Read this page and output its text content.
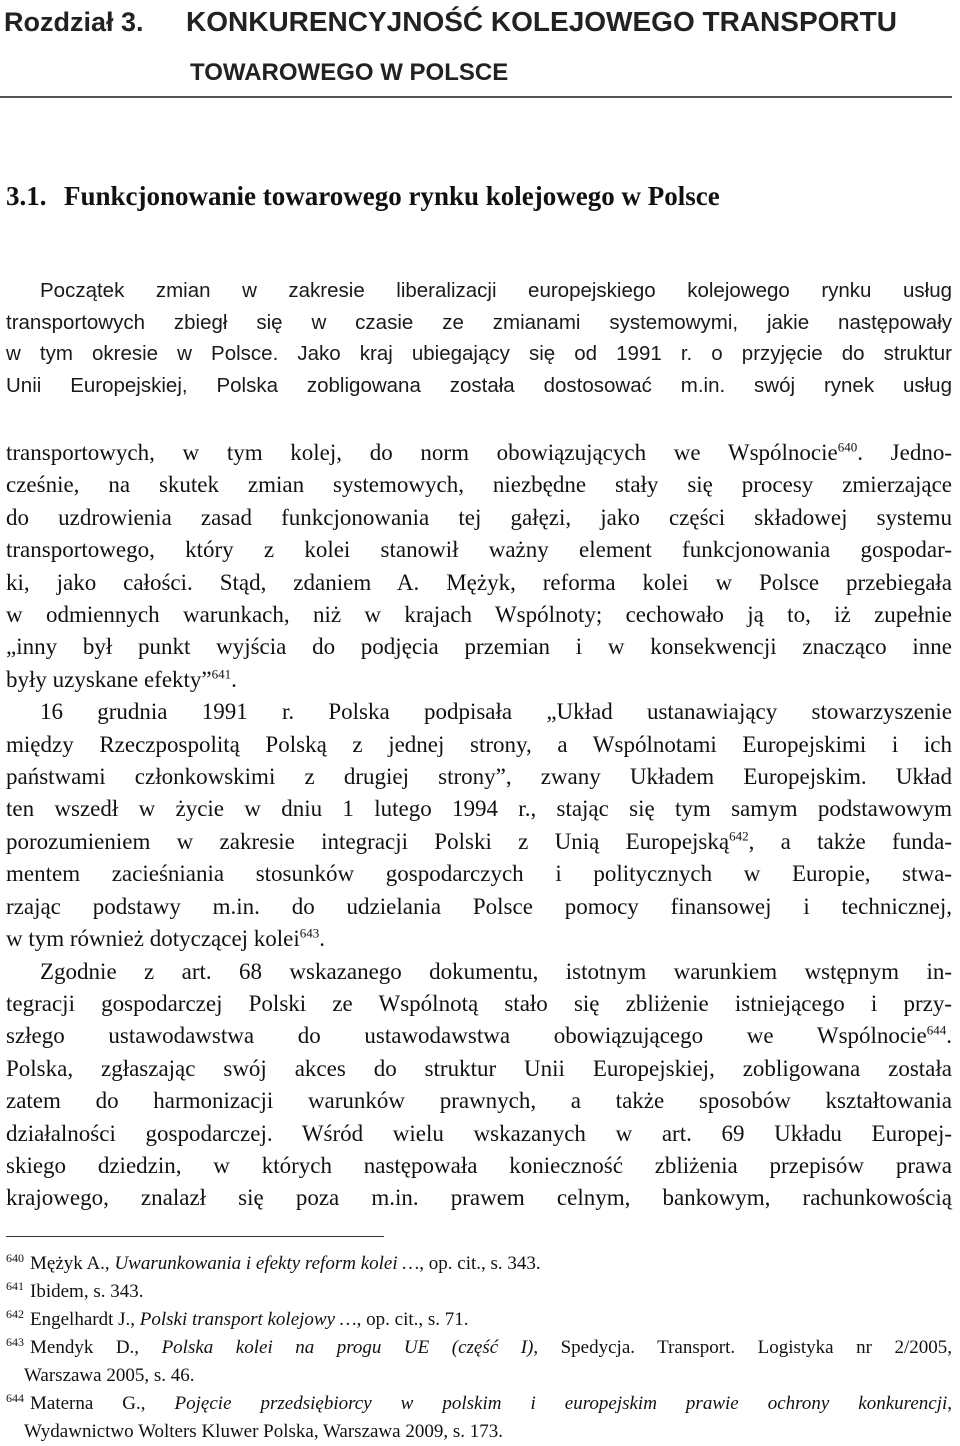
Rozdział 3. KONKURENCYJNOŚĆ KOLEJOWEGO TRANSPORTU
TOWAROWEGO W POLSCE
3.1. Funkcjonowanie towarowego rynku kolejowego w Polsce
Początek zmian w zakresie liberalizacji europejskiego kolejowego rynku usług
transportowych zbiegł się w czasie ze zmianami systemowymi, jakie następowały
w tym okresie w Polsce. Jako kraj ubiegający się od 1991 r. o przyjęcie do struktur
Unii Europejskiej, Polska zobligowana została dostosować m.in. swój rynek usług
transportowych, w tym kolej, do norm obowiązujących we Wspólnocie$^{640}$. Jedno-
cześnie, na skutek zmian systemowych, niezbędne stały się procesy zmierzające
do uzdrowienia zasad funkcjonowania tej gałęzi, jako części składowej systemu
transportowego, który z kolei stanowił ważny element funkcjonowania gospodar-
ki, jako całości. Stąd, zdaniem A. Mężyk, reforma kolei w Polsce przebiegała
w odmiennych warunkach, niż w krajach Wspólnoty; cechowało ją to, iż zupełnie
„inny był punkt wyjścia do podjęcia przemian i w konsekwencji znacząco inne
były uzyskane efekty”$^{641}$.
16 grudnia 1991 r. Polska podpisała „Układ ustanawiający stowarzyszenie
między Rzeczpospolitą Polską z jednej strony, a Wspólnotami Europejskimi i ich
państwami członkowskimi z drugiej strony”, zwany Układem Europejskim. Układ
ten wszedł w życie w dniu 1 lutego 1994 r., stając się tym samym podstawowym
porozumieniem w zakresie integracji Polski z Unią Europejską$^{642}$, a także funda-
mentem zacieśniania stosunków gospodarczych i politycznych w Europie, stwa-
rzając podstawy m.in. do udzielania Polsce pomocy finansowej i technicznej,
w tym również dotyczącej kolei$^{643}$.
Zgodnie z art. 68 wskazanego dokumentu, istotnym warunkiem wstępnym in-
tegracji gospodarczej Polski ze Wspólnotą stało się zbliżenie istniejącego i przy-
szłego ustawodawstwa do ustawodawstwa obowiązującego we Wspólnocie$^{644}$.
Polska, zgłaszając swój akces do struktur Unii Europejskiej, zobligowana została
zatem do harmonizacji warunków prawnych, a także sposobów kształtowania
działalności gospodarczej. Wśród wielu wskazanych w art. 69 Układu Europej-
skiego dziedzin, w których następowała konieczność zbliżenia przepisów prawa
krajowego, znalazł się poza m.in. prawem celnym, bankowym, rachunkowością
$^{640}$ Mężyk A., Uwarunkowania i efekty reform kolei …, op. cit., s. 343.
$^{641}$ Ibidem, s. 343.
$^{642}$ Engelhardt J., Polski transport kolejowy …, op. cit., s. 71.
$^{643}$ Mendyk D., Polska kolei na progu UE (część I), Spedycja. Transport. Logistyka nr 2/2005,
Warszawa 2005, s. 46.
$^{644}$ Materna G., Pojęcie przedsiębiorcy w polskim i europejskim prawie ochrony konkurencji,
Wydawnictwo Wolters Kluwer Polska, Warszawa 2009, s. 173.
